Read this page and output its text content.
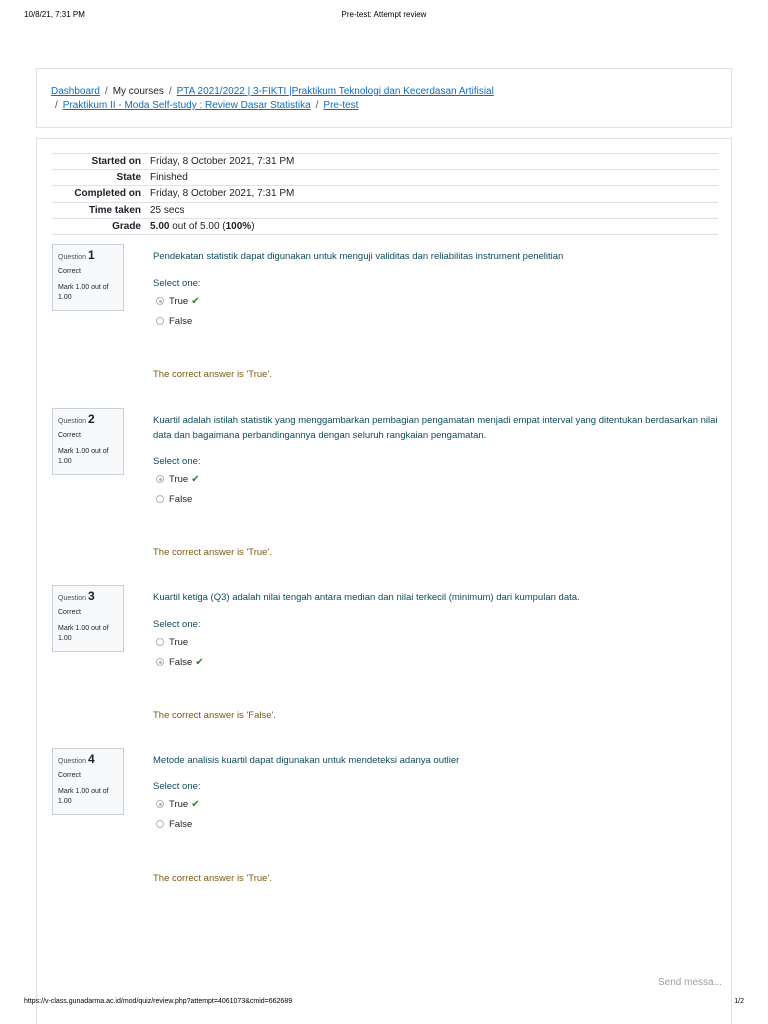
10/8/21, 7:31 PM	Pre-test: Attempt review
Dashboard / My courses / PTA 2021/2022 | 3-FIKTI |Praktikum Teknologi dan Kecerdasan Artifisial
/ Praktikum II - Moda Self-study : Review Dasar Statistika / Pre-test
Started on	Friday, 8 October 2021, 7:31 PM
State	Finished
Completed on	Friday, 8 October 2021, 7:31 PM
Time taken	25 secs
Grade	5.00 out of 5.00 (100%)
Question 1
Correct
Mark 1.00 out of 1.00
Pendekatan statistik dapat digunakan untuk menguji validitas dan reliabilitas instrument penelitian
Select one:
True ✔
False
The correct answer is 'True'.
Question 2
Correct
Mark 1.00 out of 1.00
Kuartil adalah istilah statistik yang menggambarkan pembagian pengamatan menjadi empat interval yang ditentukan berdasarkan nilai data dan bagaimana perbandingannya dengan seluruh rangkaian pengamatan.
Select one:
True ✔
False
The correct answer is 'True'.
Question 3
Correct
Mark 1.00 out of 1.00
Kuartil ketiga (Q3) adalah nilai tengah antara median dan nilai terkecil (minimum) dari kumpulan data.
Select one:
True
False ✔
The correct answer is 'False'.
Question 4
Correct
Mark 1.00 out of 1.00
Metode analisis kuartil dapat digunakan untuk mendeteksi adanya outlier
Select one:
True ✔
False
The correct answer is 'True'.
Send messa...
https://v-class.gunadarma.ac.id/mod/quiz/review.php?attempt=4061073&cmid=662689	1/2
